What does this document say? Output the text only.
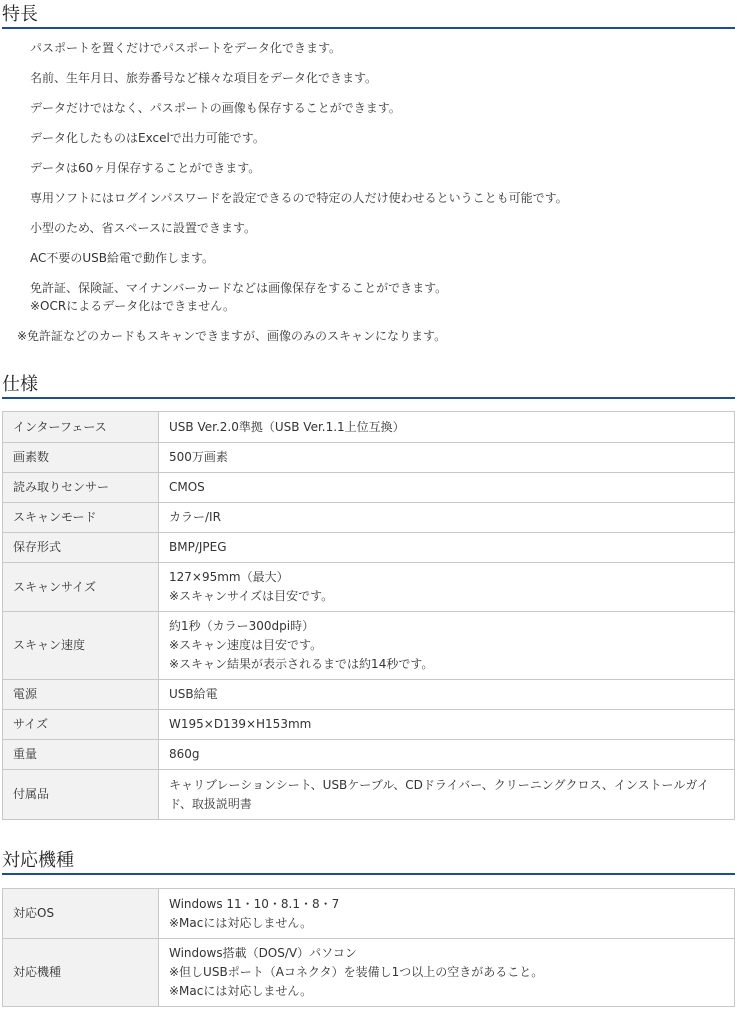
特長
パスポートを置くだけでパスポートをデータ化できます。
名前、生年月日、旅券番号など様々な項目をデータ化できます。
データだけではなく、パスポートの画像も保存することができます。
データ化したものはExcelで出力可能です。
データは60ヶ月保存することができます。
専用ソフトにはログインパスワードを設定できるので特定の人だけ使わせるということも可能です。
小型のため、省スペースに設置できます。
AC不要のUSB給電で動作します。
免許証、保険証、マイナンバーカードなどは画像保存をすることができます。
※OCRによるデータ化はできません。
※免許証などのカードもスキャンできますが、画像のみのスキャンになります。
仕様
インターフェース	USB Ver.2.0準拠（USB Ver.1.1上位互換）

画素数	500万画素

読み取りセンサー	CMOS

スキャンモード	カラー/IR

保存形式	BMP/JPEG

スキャンサイズ	127×95mm（最大）
※スキャンサイズは目安です。

スキャン速度	約1秒（カラー300dpi時）
※スキャン速度は目安です。
※スキャン結果が表示されるまでは約14秒です。

電源	USB給電

サイズ	W195×D139×H153mm

重量	860g

付属品	キャリブレーションシート、USBケーブル、CDドライバー、クリーニングクロス、インストールガイ
ド、取扱説明書
対応機種
対応OS	Windows 11・10・8.1・8・7
※Macには対応しません。

対応機種	Windows搭載（DOS/V）パソコン
※但しUSBポート（Aコネクタ）を装備し1つ以上の空きがあること。
※Macには対応しません。
